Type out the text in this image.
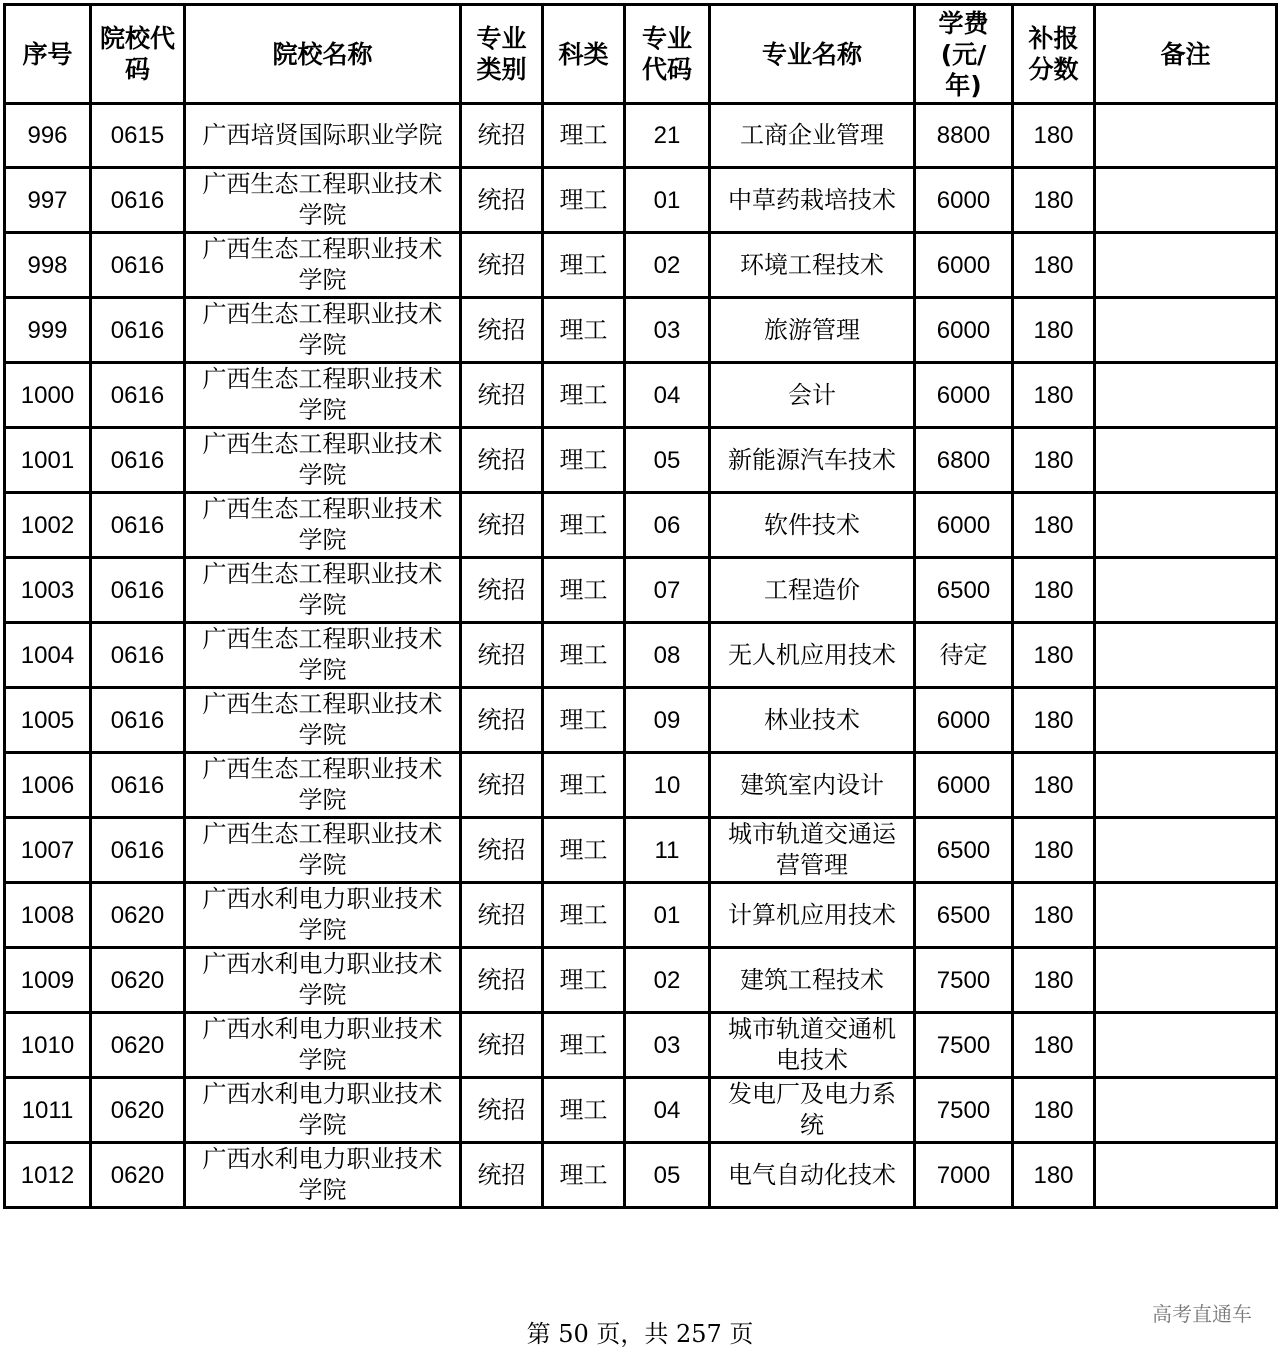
序号	院校代码	院校名称	专业类别	科类	专业代码	专业名称	学费(元/年)	补报分数	备注
996	0615	广西培贤国际职业学院	统招	理工	21	工商企业管理	8800	180	
997	0616	广西生态工程职业技术学院	统招	理工	01	中草药栽培技术	6000	180	
998	0616	广西生态工程职业技术学院	统招	理工	02	环境工程技术	6000	180	
999	0616	广西生态工程职业技术学院	统招	理工	03	旅游管理	6000	180	
1000	0616	广西生态工程职业技术学院	统招	理工	04	会计	6000	180	
1001	0616	广西生态工程职业技术学院	统招	理工	05	新能源汽车技术	6800	180	
1002	0616	广西生态工程职业技术学院	统招	理工	06	软件技术	6000	180	
1003	0616	广西生态工程职业技术学院	统招	理工	07	工程造价	6500	180	
1004	0616	广西生态工程职业技术学院	统招	理工	08	无人机应用技术	待定	180	
1005	0616	广西生态工程职业技术学院	统招	理工	09	林业技术	6000	180	
1006	0616	广西生态工程职业技术学院	统招	理工	10	建筑室内设计	6000	180	
1007	0616	广西生态工程职业技术学院	统招	理工	11	城市轨道交通运营管理	6500	180	
1008	0620	广西水利电力职业技术学院	统招	理工	01	计算机应用技术	6500	180	
1009	0620	广西水利电力职业技术学院	统招	理工	02	建筑工程技术	7500	180	
1010	0620	广西水利电力职业技术学院	统招	理工	03	城市轨道交通机电技术	7500	180	
1011	0620	广西水利电力职业技术学院	统招	理工	04	发电厂及电力系统	7500	180	
1012	0620	广西水利电力职业技术学院	统招	理工	05	电气自动化技术	7000	180	
第 50 页，共 257 页
高考直通车
